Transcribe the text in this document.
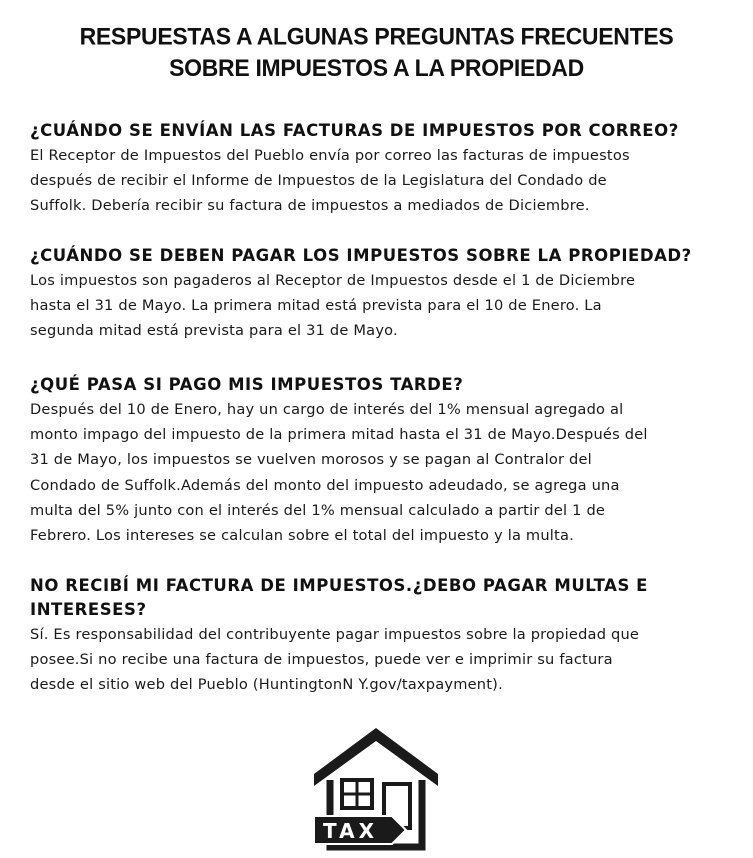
RESPUESTAS A ALGUNAS PREGUNTAS FRECUENTES
SOBRE IMPUESTOS A LA PROPIEDAD

¿CUÁNDO SE ENVÍAN LAS FACTURAS DE IMPUESTOS POR CORREO?

El Receptor de Impuestos del Pueblo envía por correo las facturas de impuestos
después de recibir el Informe de Impuestos de la Legislatura del Condado de
Suffolk. Debería recibir su factura de impuestos a mediados de Diciembre.

¿CUÁNDO SE DEBEN PAGAR LOS IMPUESTOS SOBRE LA PROPIEDAD?

Los impuestos son pagaderos al Receptor de Impuestos desde el 1 de Diciembre
hasta el 31 de Mayo. La primera mitad está prevista para el 10 de Enero. La
segunda mitad está prevista para el 31 de Mayo.

¿QUÉ PASA SI PAGO MIS IMPUESTOS TARDE?

Después del 10 de Enero, hay un cargo de interés del 1% mensual agregado al
monto impago del impuesto de la primera mitad hasta el 31 de Mayo.Después del
31 de Mayo, los impuestos se vuelven morosos y se pagan al Contralor del
Condado de Suffolk.Además del monto del impuesto adeudado, se agrega una
multa del 5% junto con el interés del 1% mensual calculado a partir del 1 de
Febrero. Los intereses se calculan sobre el total del impuesto y la multa.

NO RECIBÍ MI FACTURA DE IMPUESTOS.¿DEBO PAGAR MULTAS E
INTERESES?

Sí. Es responsabilidad del contribuyente pagar impuestos sobre la propiedad que
posee.Si no recibe una factura de impuestos, puede ver e imprimir su factura
desde el sitio web del Pueblo (HuntingtonN Y.gov/taxpayment).

TAX
